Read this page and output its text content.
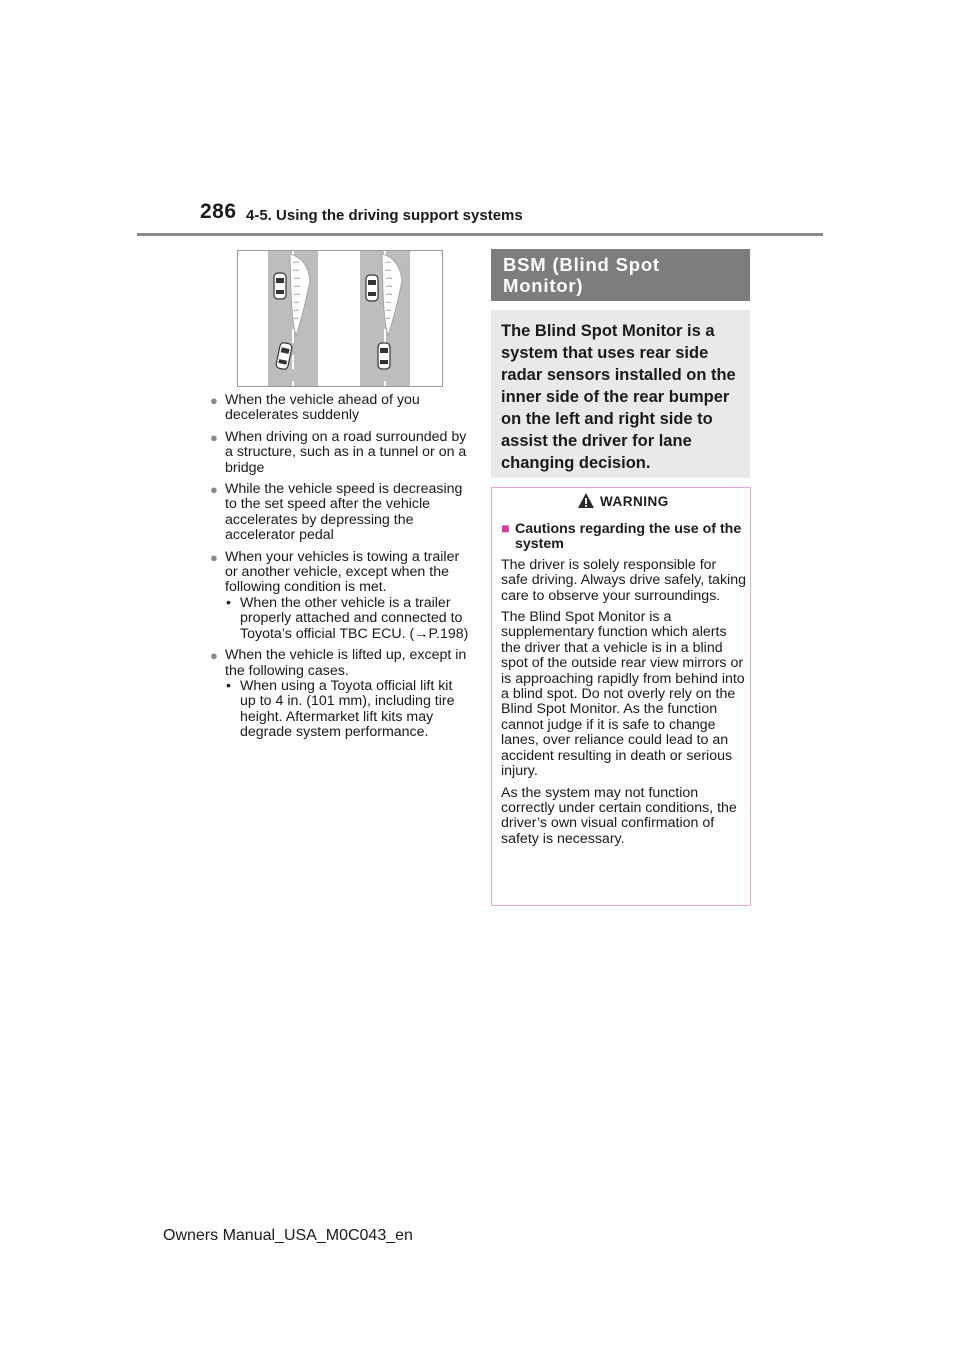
286 4-5. Using the driving support systems
● When the vehicle ahead of you decelerates suddenly
● When driving on a road surrounded by a structure, such as in a tunnel or on a bridge
● While the vehicle speed is decreasing to the set speed after the vehicle accelerates by depressing the accelerator pedal
● When your vehicles is towing a trailer or another vehicle, except when the following condition is met.
• When the other vehicle is a trailer properly attached and connected to Toyota’s official TBC ECU. (→P.198)
● When the vehicle is lifted up, except in the following cases.
• When using a Toyota official lift kit up to 4 in. (101 mm), including tire height. Aftermarket lift kits may degrade system performance.
BSM (Blind Spot Monitor)
The Blind Spot Monitor is a system that uses rear side radar sensors installed on the inner side of the rear bumper on the left and right side to assist the driver for lane changing decision.
WARNING
■ Cautions regarding the use of the system

The driver is solely responsible for safe driving. Always drive safely, taking care to observe your surroundings.

The Blind Spot Monitor is a supplementary function which alerts the driver that a vehicle is in a blind spot of the outside rear view mirrors or is approaching rapidly from behind into a blind spot. Do not overly rely on the Blind Spot Monitor. As the function cannot judge if it is safe to change lanes, over reliance could lead to an accident resulting in death or serious injury.

As the system may not function correctly under certain conditions, the driver’s own visual confirmation of safety is necessary.

Owners Manual_USA_M0C043_en
